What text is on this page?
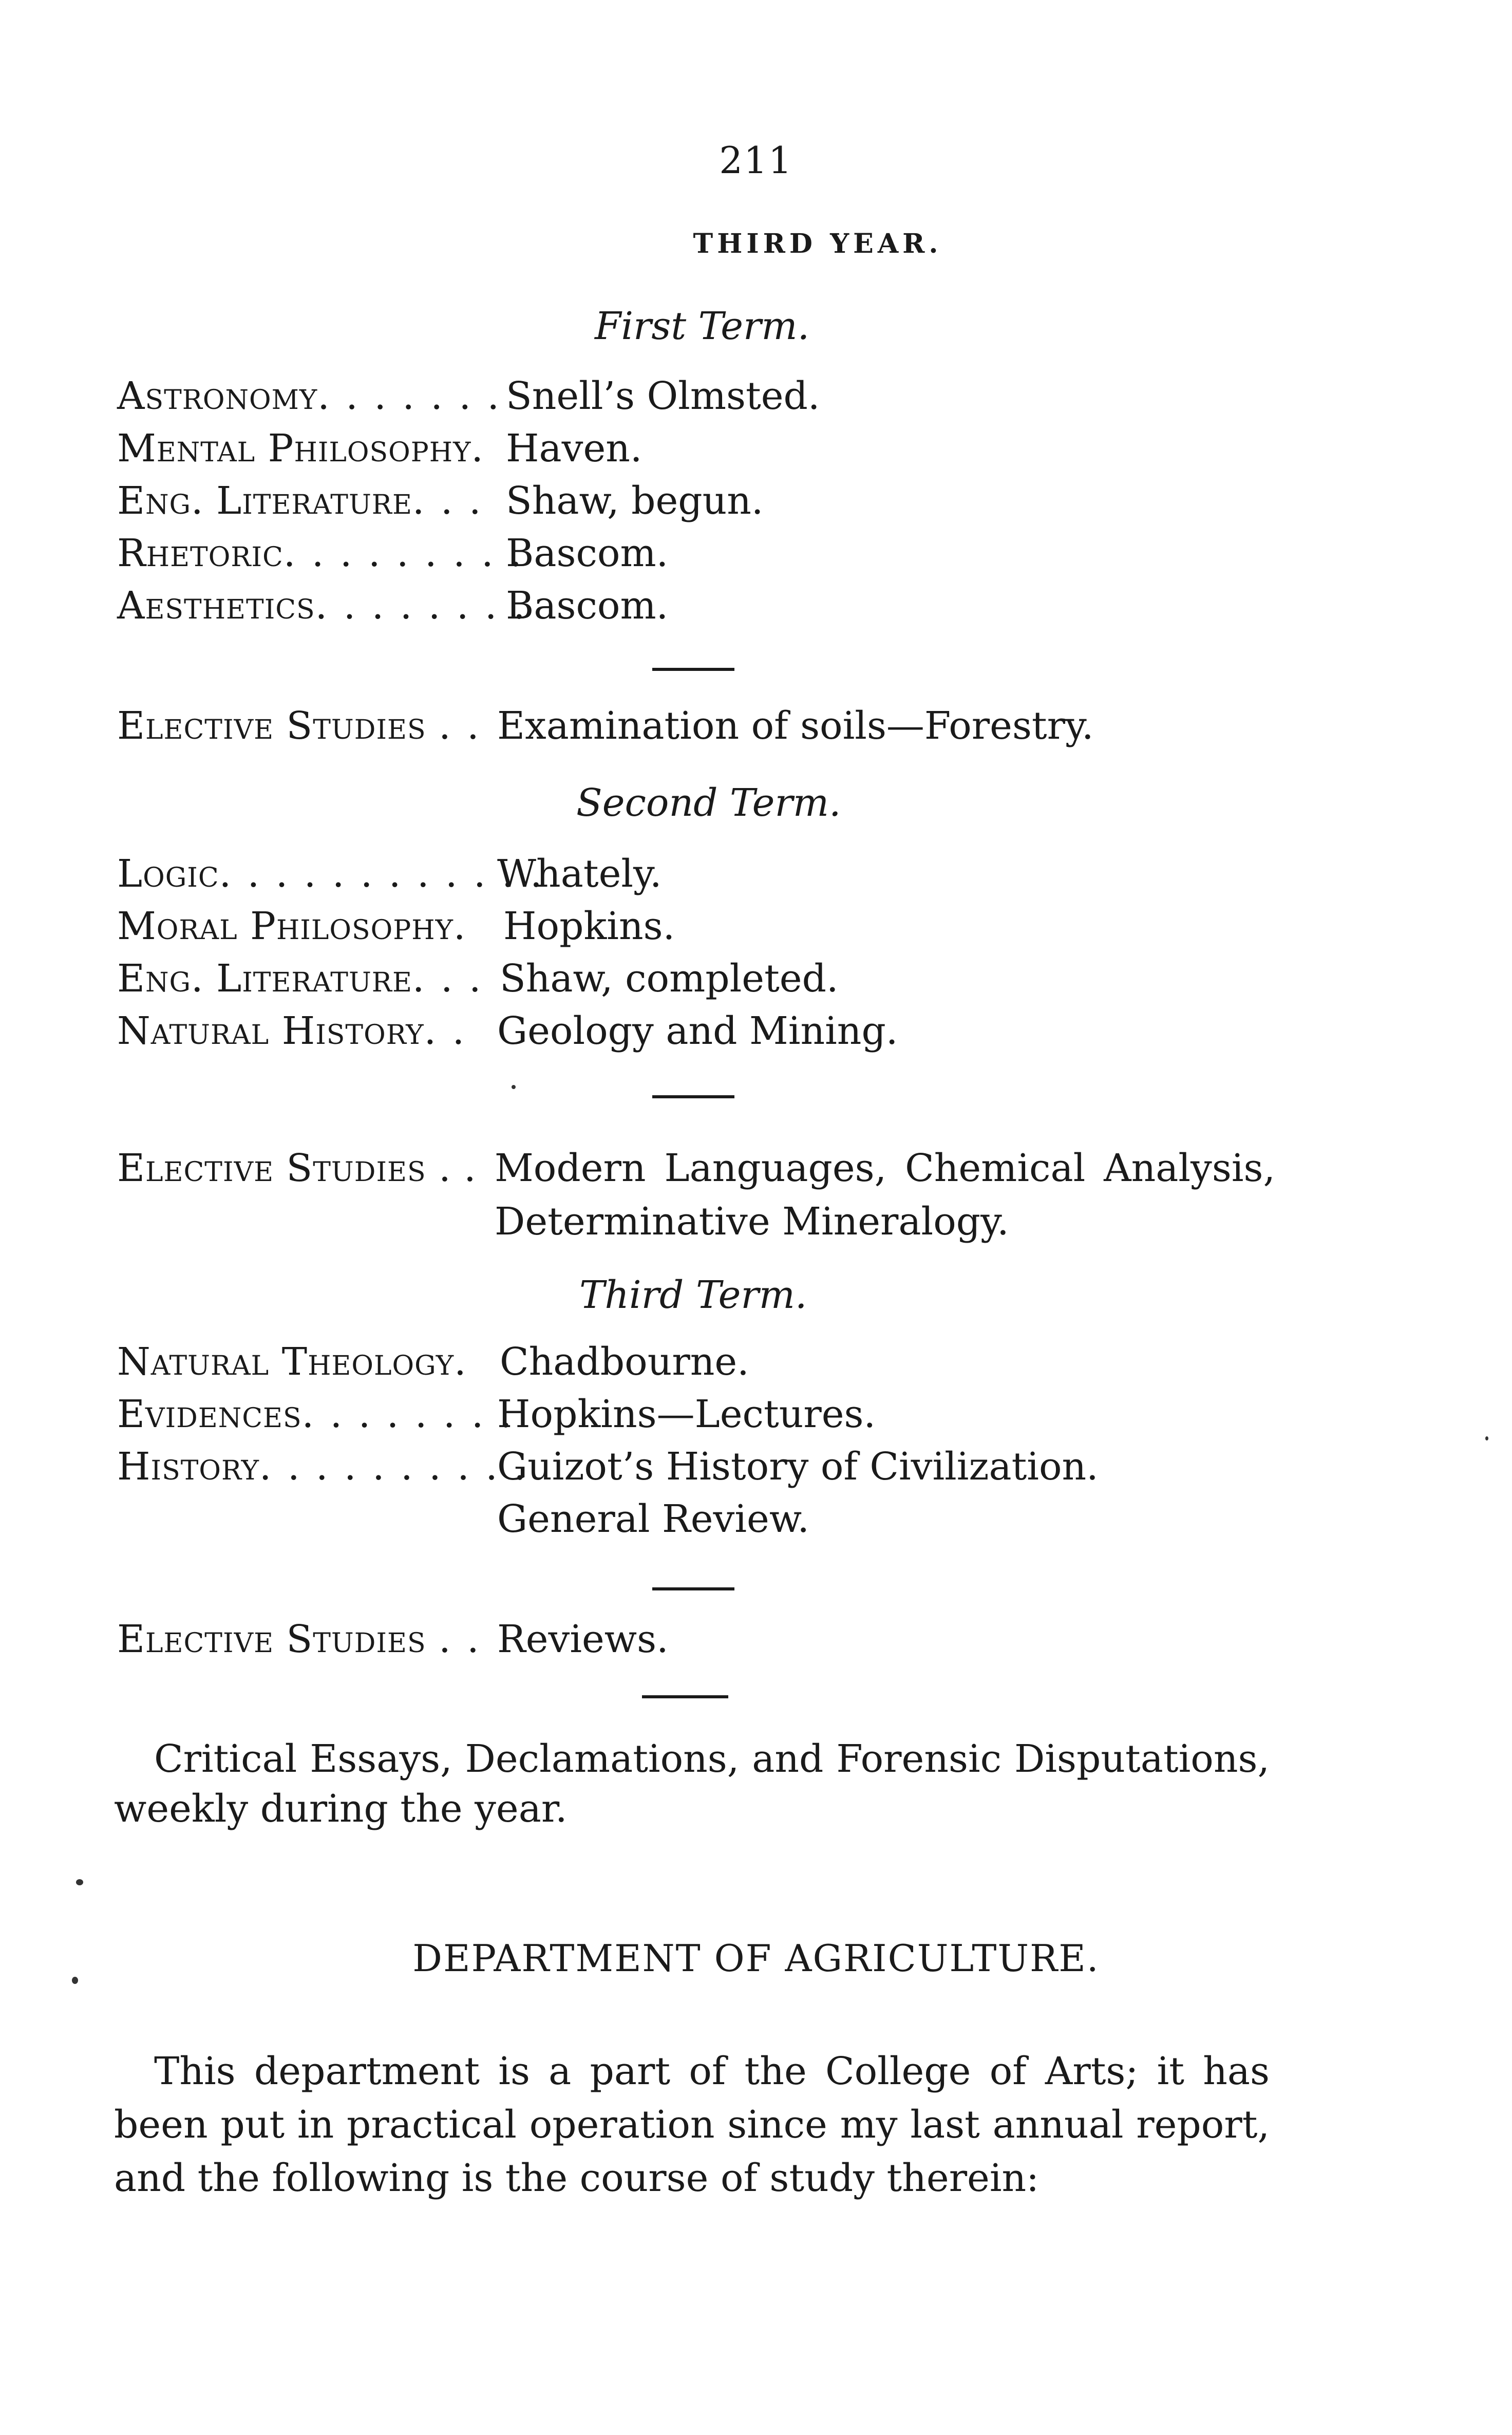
211
THIRD YEAR.
First Term.
Astronomy. . . . . . . Snell’s Olmsted.
Mental Philosophy. Haven.
Eng. Literature. . . Shaw, begun.
Rhetoric. . . . . . . . .
Bascom.
Aesthetics. . . . . . . .
Bascom.
Elective Studies . . Examination of soils—Forestry.
Second Term.
Logic. . . . . . . . . . . .
Whately.
Moral Philosophy. Hopkins.
Eng. Literature. . . Shaw, completed.
Natural History. . Geology and Mining.
Elective Studies . . Modern Languages, Chemical Analysis, Determinative Mineralogy.
Third Term.
Natural Theology. Chadbourne.
Evidences. . . . . . . .
Hopkins—Lectures.
History. . . . . . . . . .
Guizot’s History of Civilization.
General Review.
Elective Studies . . Reviews.
Critical Essays, Declamations, and Forensic Disputations, weekly during the year.
DEPARTMENT OF AGRICULTURE.
This department is a part of the College of Arts; it has been put in practical operation since my last annual report, and the following is the course of study therein:
